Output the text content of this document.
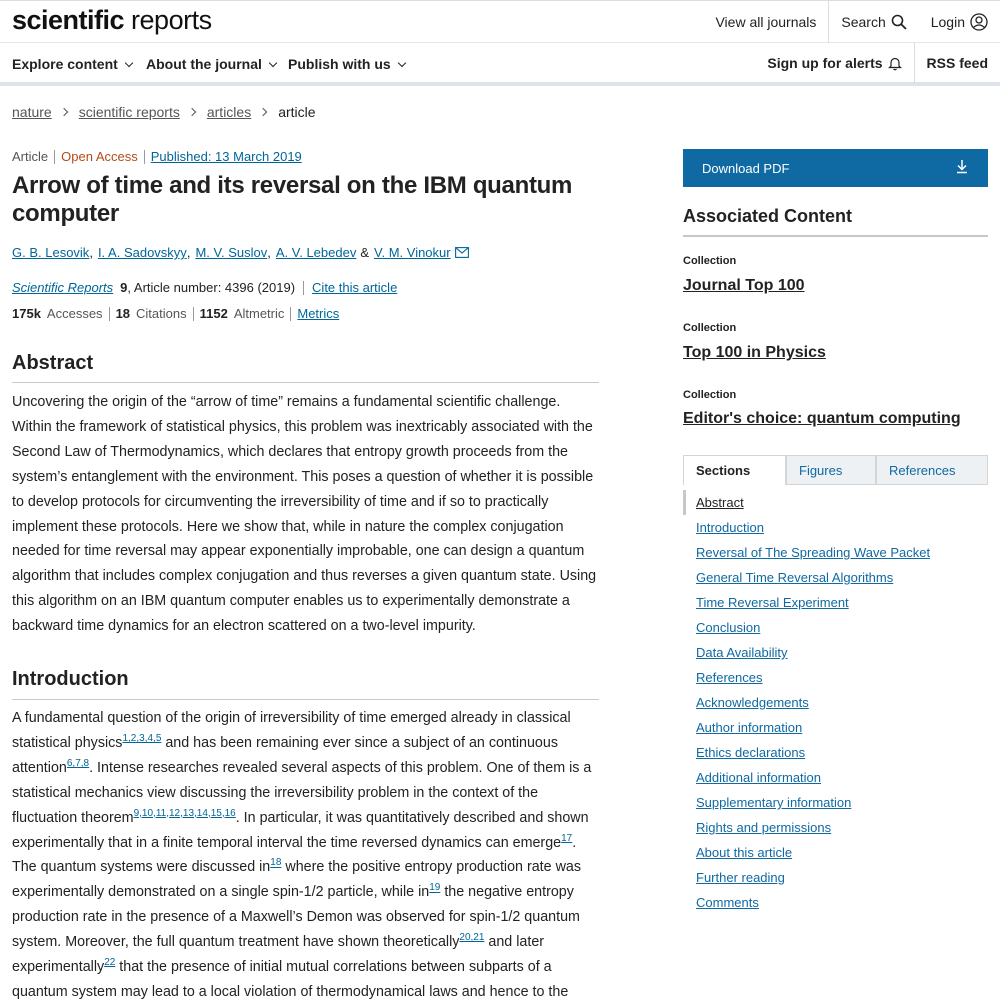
scientific reports	View all journals	Search	Login
Explore content	About the journal	Publish with us	Sign up for alerts	RSS feed
nature scientific reports articles article
Article Open Access Published: 13 March 2019
Arrow of time and its reversal on the IBM quantum computer
G. B. Lesovik , I. A. Sadovskyy , M. V. Suslov , A. V. Lebedev & V. M. Vinokur
Scientific Reports 9 , Article number: 4396 (2019) Cite this article
175k Accesses 18 Citations 1152 Altmetric Metrics
Abstract

Uncovering the origin of the “arrow of time” remains a fundamental scientific challenge. Within the framework of statistical physics, this problem was inextricably associated with the Second Law of Thermodynamics, which declares that entropy growth proceeds from the system’s entanglement with the environment. This poses a question of whether it is possible to develop protocols for circumventing the irreversibility of time and if so to practically implement these protocols. Here we show that, while in nature the complex conjugation needed for time reversal may appear exponentially improbable, one can design a quantum algorithm that includes complex conjugation and thus reverses a given quantum state. Using this algorithm on an IBM quantum computer enables us to experimentally demonstrate a backward time dynamics for an electron scattered on a two-level impurity.

Introduction

A fundamental question of the origin of irreversibility of time emerged already in classical statistical physics$^{1,2,3,4,5}$ and has been remaining ever since a subject of an continuous attention$^{6,7,8}$. Intense researches revealed several aspects of this problem. One of them is a statistical mechanics view discussing the irreversibility problem in the context of the fluctuation theorem$^{9,10,11,12,13,14,15,16}$. In particular, it was quantitatively described and shown experimentally that in a finite temporal interval the time reversed dynamics can emerge$^{17}$. The quantum systems were discussed $in^{18}$ where the positive entropy production rate was experimentally demonstrated on a single spin-1/2 particle, while $in^{19}$ the negative entropy production rate in the presence of a Maxwell’s Demon was observed for spin-1/2 quantum system. Moreover, the full quantum treatment have shown theoretically$^{20,21}$ and later experimentally$^{22}$ that the presence of initial mutual correlations between subparts of a quantum system may lead to a local violation of thermodynamical laws and hence to the

Download PDF
Associated Content
Collection
Journal Top 100
Collection
Top 100 in Physics
Collection
Editor's choice: quantum computing
Sections	Figures	References
Abstract
Introduction
Reversal of The Spreading Wave Packet
General Time Reversal Algorithms
Time Reversal Experiment
Conclusion
Data Availability
References
Acknowledgements
Author information
Ethics declarations
Additional information
Supplementary information
Rights and permissions
About this article
Further reading
Comments
